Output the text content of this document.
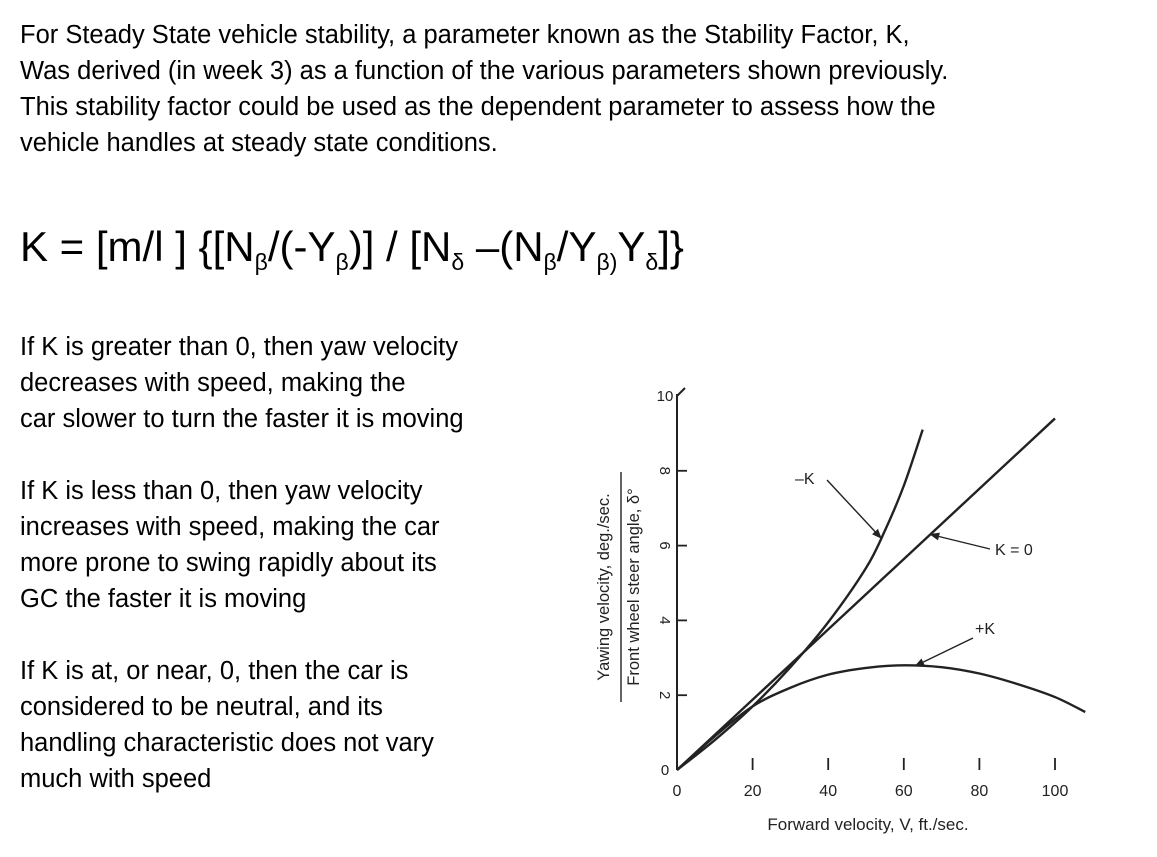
For Steady State vehicle stability, a parameter known as the Stability Factor, K,
Was derived (in week 3) as a function of the various parameters shown previously.
This stability factor could be used as the dependent parameter to assess how the
vehicle handles at steady state conditions.
K = [m/l ] {$[N_\beta/(-Y_\beta)] / [N_\delta$ $-(N_\beta/Y_{\beta)}Y_\delta]$}
If K is greater than 0, then yaw velocity
decreases with speed, making the
car slower to turn the faster it is moving
If K is less than 0, then yaw velocity
increases with speed, making the car
more prone to swing rapidly about its
GC the faster it is moving
If K is at, or near, 0, then the car is
considered to be neutral, and its
handling characteristic does not vary
much with speed	0
2
4
6
8
10
0	20	40	60	80	100
–K
K = 0
+K
Forward velocity, V, ft./sec.
Yawing velocity, deg./sec. Front wheel steer angle, δ°
